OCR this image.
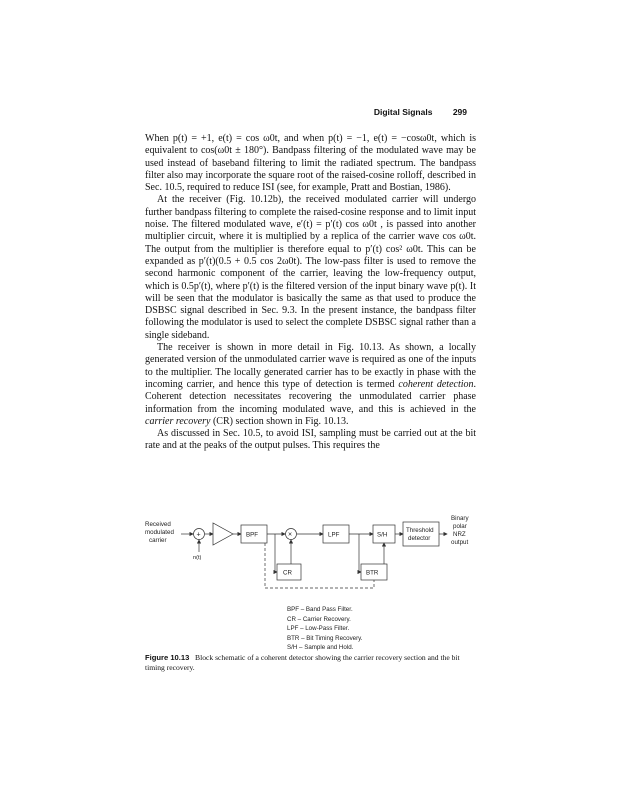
Digital Signals 299

When p(t) = +1, e(t) = cos ω0t, and when p(t) = −1, e(t) = −cosω0t, which is equivalent to cos(ω0t ± 180°). Bandpass filtering of the modulated wave may be used instead of baseband filtering to limit the radiated spectrum. The bandpass filter also may incorporate the square root of the raised-cosine rolloff, described in Sec. 10.5, required to reduce ISI (see, for example, Pratt and Bostian, 1986).

At the receiver (Fig. 10.12b), the received modulated carrier will undergo further bandpass filtering to complete the raised-cosine response and to limit input noise. The filtered modulated wave, e′(t) = p′(t) cos ω0t , is passed into another multiplier circuit, where it is multiplied by a replica of the carrier wave cos ω0t. The output from the multiplier is therefore equal to p′(t) cos² ω0t. This can be expanded as p′(t)(0.5 + 0.5 cos 2ω0t). The low-pass filter is used to remove the second harmonic component of the carrier, leaving the low-frequency output, which is 0.5p′(t), where p′(t) is the filtered version of the input binary wave p(t). It will be seen that the modulator is basically the same as that used to produce the DSBSC signal described in Sec. 9.3. In the present instance, the bandpass filter following the modulator is used to select the complete DSBSC signal rather than a single sideband.

The receiver is shown in more detail in Fig. 10.13. As shown, a locally generated version of the unmodulated carrier wave is required as one of the inputs to the multiplier. The locally generated carrier has to be exactly in phase with the incoming carrier, and hence this type of detection is termed coherent detection. Coherent detection necessitates recovering the unmodulated carrier phase information from the incoming modulated wave, and this is achieved in the carrier recovery (CR) section shown in Fig. 10.13.

As discussed in Sec. 10.5, to avoid ISI, sampling must be carried out at the bit rate and at the peaks of the output pulses. This requires the

Received
modulated
carrier
n(t)
+	×
BPF	LPF	S/H
Threshold
detector
CR	BTR
Binary
polar
NRZ
output
BPF – Band Pass Filter.
CR – Carrier Recovery.
LPF – Low-Pass Filter.
BTR – Bit Timing Recovery.
S/H – Sample and Hold.
Figure 10.13 Block schematic of a coherent detector showing the carrier recovery section and the bit timing recovery.
